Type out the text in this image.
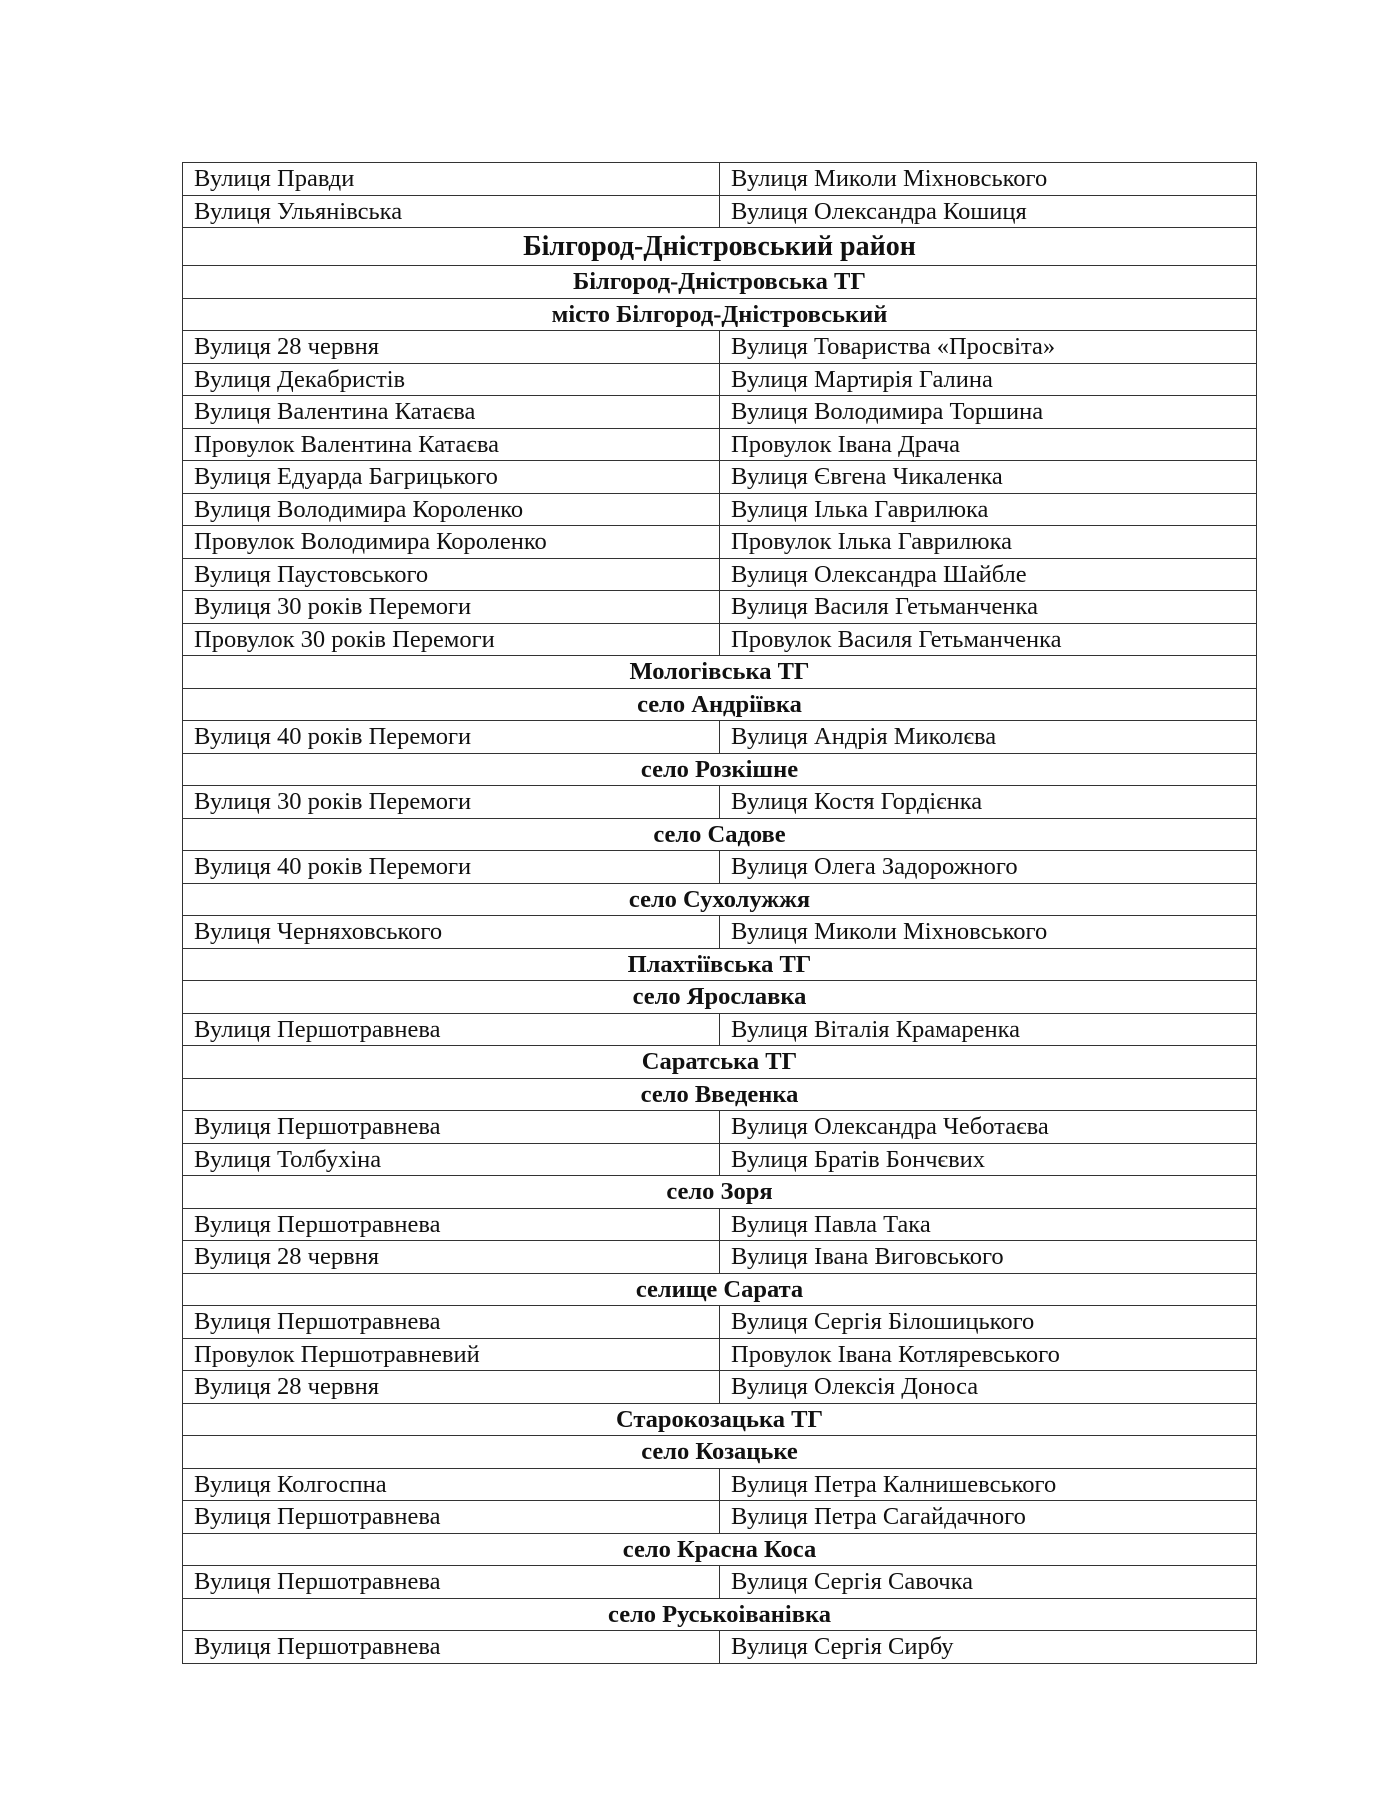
Вулиця Правди	Вулиця Миколи Міхновського
Вулиця Ульянівська	Вулиця Олександра Кошиця
Білгород-Дністровський район	
Білгород-Дністровська ТГ	
місто Білгород-Дністровський	
Вулиця 28 червня	Вулиця Товариства «Просвіта»
Вулиця Декабристів	Вулиця Мартирія Галина
Вулиця Валентина Катаєва	Вулиця Володимира Торшина
Провулок Валентина Катаєва	Провулок Івана Драча
Вулиця Едуарда Багрицького	Вулиця Євгена Чикаленка
Вулиця Володимира Короленко	Вулиця Ілька Гаврилюка
Провулок Володимира Короленко	Провулок Ілька Гаврилюка
Вулиця Паустовського	Вулиця Олександра Шайбле
Вулиця 30 років Перемоги	Вулиця Василя Гетьманченка
Провулок 30 років Перемоги	Провулок Василя Гетьманченка
Мологівська ТГ	
село Андріївка	
Вулиця 40 років Перемоги	Вулиця Андрія Миколєва
село Розкішне	
Вулиця 30 років Перемоги	Вулиця Костя Гордієнка
село Садове	
Вулиця 40 років Перемоги	Вулиця Олега Задорожного
село Сухолужжя	
Вулиця Черняховського	Вулиця Миколи Міхновського
Плахтіївська ТГ	
село Ярославка	
Вулиця Першотравнева	Вулиця Віталія Крамаренка
Саратська ТГ	
село Введенка	
Вулиця Першотравнева	Вулиця Олександра Чеботаєва
Вулиця Толбухіна	Вулиця Братів Бончєвих
село Зоря	
Вулиця Першотравнева	Вулиця Павла Така
Вулиця 28 червня	Вулиця Івана Виговського
селище Сарата	
Вулиця Першотравнева	Вулиця Сергія Білошицького
Провулок Першотравневий	Провулок Івана Котляревського
Вулиця 28 червня	Вулиця Олексія Доноса
Старокозацька ТГ	
село Козацьке	
Вулиця Колгоспна	Вулиця Петра Калнишевського
Вулиця Першотравнева	Вулиця Петра Сагайдачного
село Красна Коса	
Вулиця Першотравнева	Вулиця Сергія Савочка
село Руськоіванівка	
Вулиця Першотравнева	Вулиця Сергія Сирбу
